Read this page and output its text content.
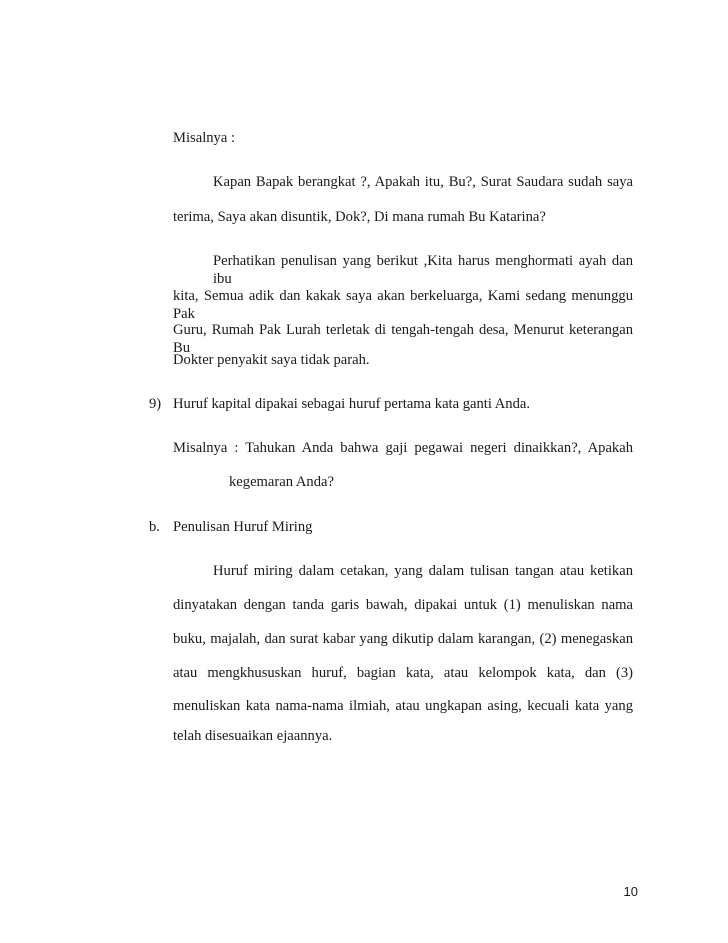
Misalnya :

Kapan Bapak berangkat ?, Apakah itu, Bu?, Surat Saudara sudah saya

terima, Saya akan disuntik, Dok?, Di mana rumah Bu Katarina?

Perhatikan penulisan yang berikut ,Kita harus menghormati ayah dan ibu

kita, Semua adik dan kakak saya akan berkeluarga, Kami sedang menunggu Pak

Guru, Rumah Pak Lurah terletak di tengah-tengah desa, Menurut keterangan Bu

Dokter penyakit saya tidak parah.

9) Huruf kapital dipakai sebagai huruf pertama kata ganti Anda.

Misalnya : Tahukan Anda bahwa gaji pegawai negeri dinaikkan?, Apakah

kegemaran Anda?

b. Penulisan Huruf Miring

Huruf miring dalam cetakan, yang dalam tulisan tangan atau ketikan

dinyatakan dengan tanda garis bawah, dipakai untuk (1) menuliskan nama

buku, majalah, dan surat kabar yang dikutip dalam karangan, (2) menegaskan

atau mengkhususkan huruf, bagian kata, atau kelompok kata, dan (3)

menuliskan kata nama-nama ilmiah, atau ungkapan asing, kecuali kata yang

telah disesuaikan ejaannya.

10
